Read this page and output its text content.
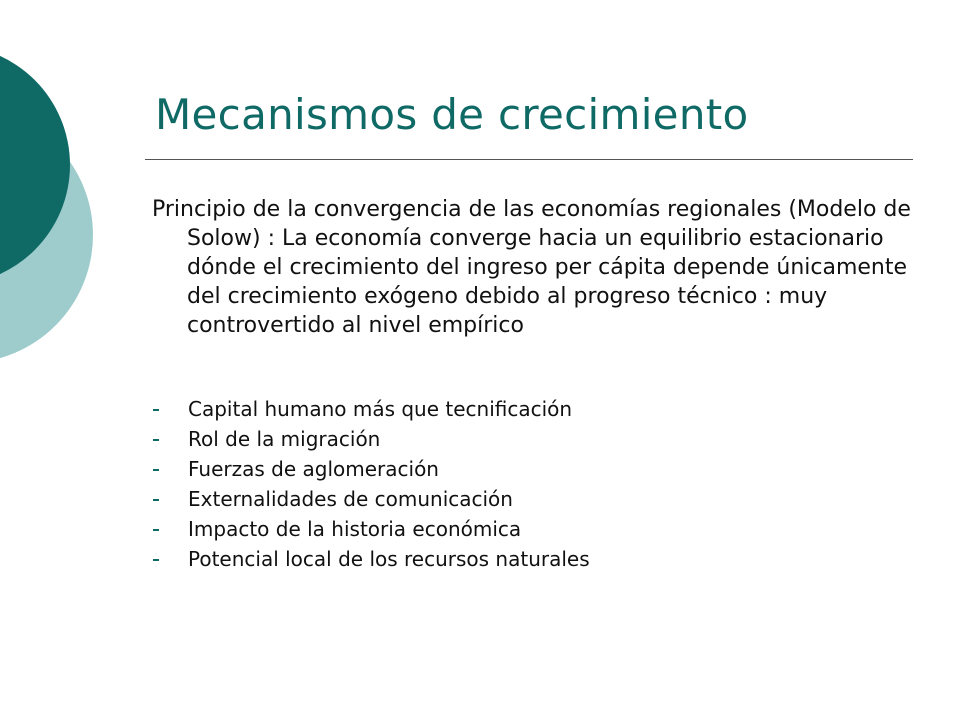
Mecanismos de crecimiento
Principio de la convergencia de las economías regionales (Modelo de Solow) : La economía converge hacia un equilibrio estacionario dónde el crecimiento del ingreso per cápita depende únicamente del crecimiento exógeno debido al progreso técnico : muy controvertido al nivel empírico
Capital humano más que tecnificación
Rol de la migración
Fuerzas de aglomeración
Externalidades de comunicación
Impacto de la historia económica
Potencial local de los recursos naturales
